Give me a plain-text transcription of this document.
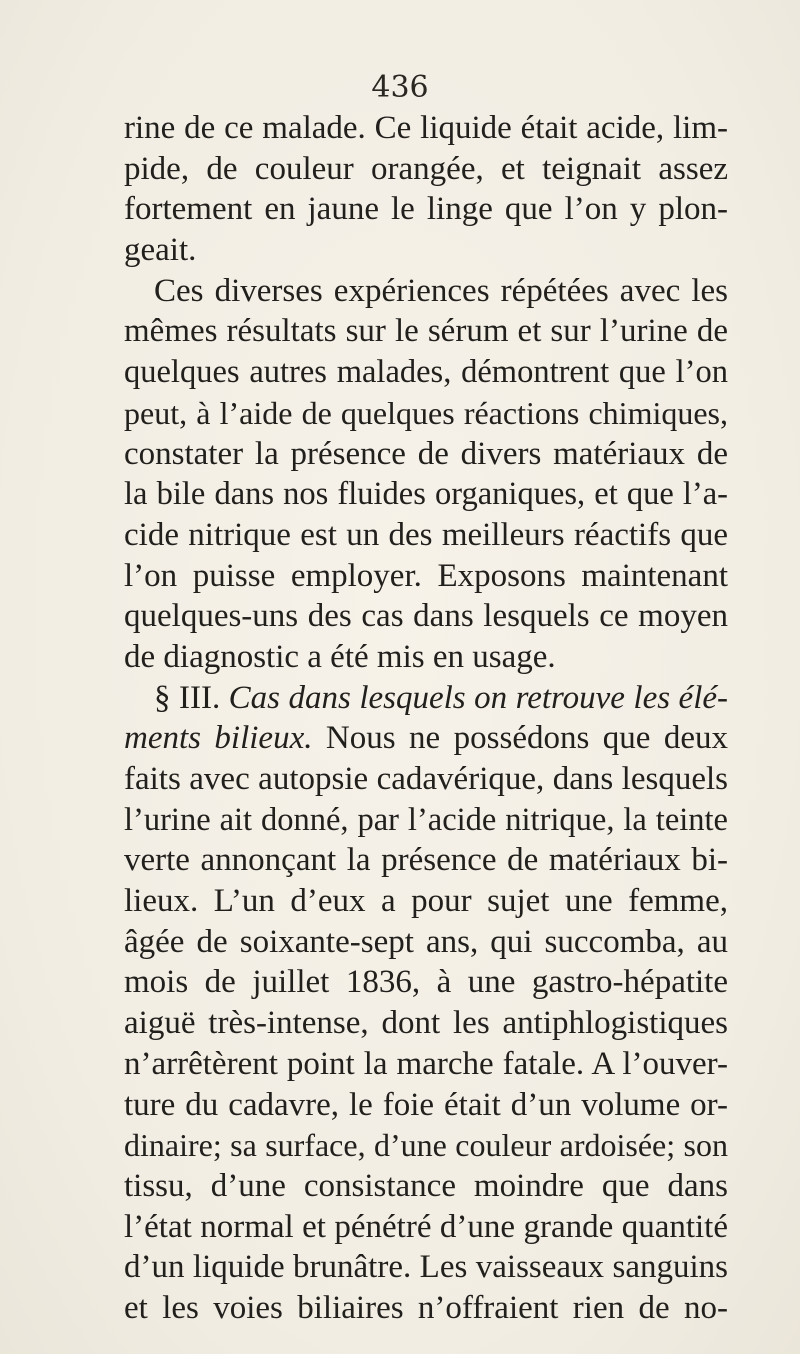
436
rine de ce malade. Ce liquide était acide, lim-
pide, de couleur orangée, et teignait assez
fortement en jaune le linge que l’on y plon-
geait.
Ces diverses expériences répétées avec les
mêmes résultats sur le sérum et sur l’urine de
quelques autres malades, démontrent que l’on
peut, à l’aide de quelques réactions chimiques,
constater la présence de divers matériaux de
la bile dans nos fluides organiques, et que l’a-
cide nitrique est un des meilleurs réactifs que
l’on puisse employer. Exposons maintenant
quelques-uns des cas dans lesquels ce moyen
de diagnostic a été mis en usage.
§ III. Cas dans lesquels on retrouve les élé-
ments bilieux. Nous ne possédons que deux
faits avec autopsie cadavérique, dans lesquels
l’urine ait donné, par l’acide nitrique, la teinte
verte annonçant la présence de matériaux bi-
lieux. L’un d’eux a pour sujet une femme,
âgée de soixante-sept ans, qui succomba, au
mois de juillet 1836, à une gastro-hépatite
aiguë très-intense, dont les antiphlogistiques
n’arrêtèrent point la marche fatale. A l’ouver-
ture du cadavre, le foie était d’un volume or-
dinaire; sa surface, d’une couleur ardoisée; son
tissu, d’une consistance moindre que dans
l’état normal et pénétré d’une grande quantité
d’un liquide brunâtre. Les vaisseaux sanguins
et les voies biliaires n’offraient rien de no-
